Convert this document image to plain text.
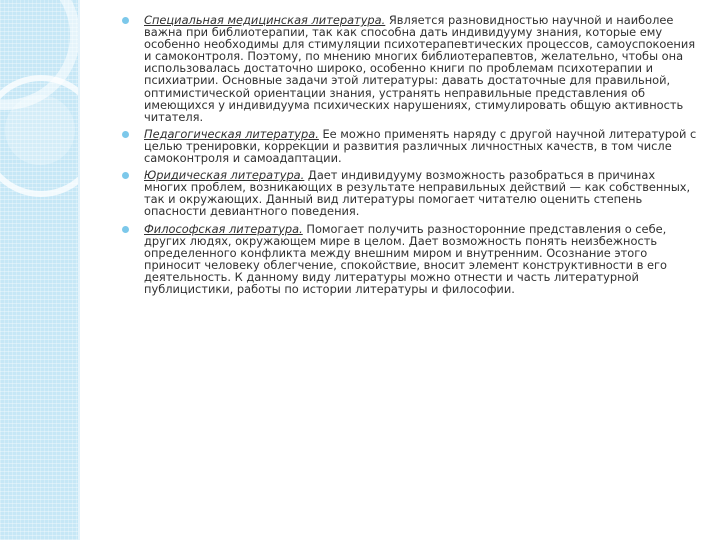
Специальная медицинская литература. Является разновидностью научной и наиболее важна при библиотерапии, так как способна дать индивидууму знания, которые ему особенно необходимы для стимуляции психотерапевтических процессов, самоуспокоения и самоконтроля. Поэтому, по мнению многих библиотерапевтов, желательно, чтобы она использовалась достаточно широко, особенно книги по проблемам психотерапии и психиатрии. Основные задачи этой литературы: давать достаточные для правильной, оптимистической ориентации знания, устранять неправильные представления об имеющихся у индивидуума психических нарушениях, стимулировать общую активность читателя.
Педагогическая литература. Ее можно применять наряду с другой научной литературой с целью тренировки, коррекции и развития различных личностных качеств, в том числе самоконтроля и самоадаптации.
Юридическая литература. Дает индивидууму возможность разобраться в причинах многих проблем, возникающих в результате неправильных действий — как собственных, так и окружающих. Данный вид литературы помогает читателю оценить степень опасности девиантного поведения.
Философская литература. Помогает получить разносторонние представления о себе, других людях, окружающем мире в целом. Дает возможность понять неизбежность определенного конфликта между внешним миром и внутренним. Осознание этого приносит человеку облегчение, спокойствие, вносит элемент конструктивности в его деятельность. К данному виду литературы можно отнести и часть литературной публицистики, работы по истории литературы и философии.
